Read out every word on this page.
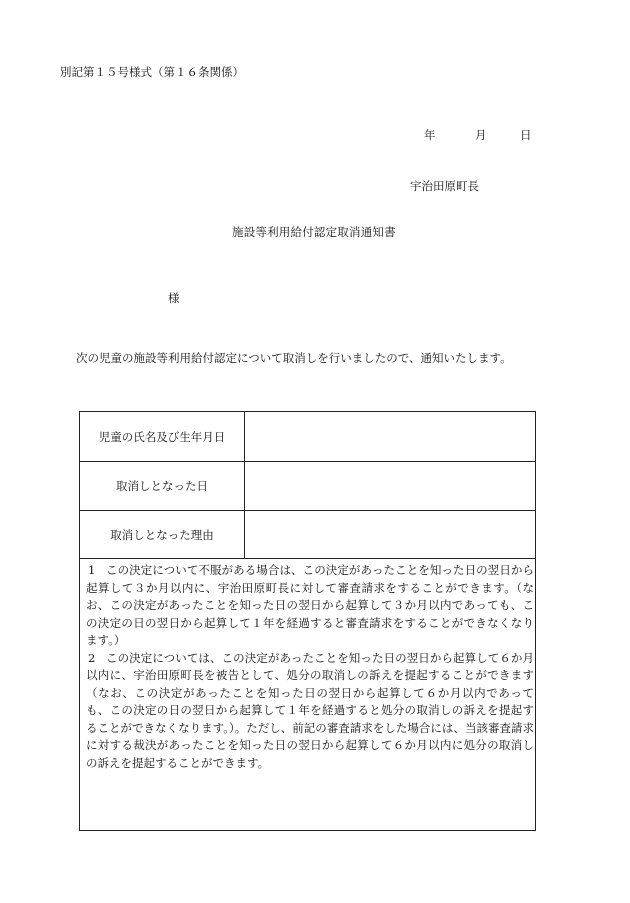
別記第１５号様式（第１６条関係）
年	月	日
宇治田原町長
施設等利用給付認定取消通知書
様
次の児童の施設等利用給付認定について取消しを行いましたので、通知いたします。
児童の氏名及び生年月日
取消しとなった日
取消しとなった理由
1 この決定について不服がある場合は、この決定があったことを知った日の翌日から起算して３か月以内に、宇治田原町長に対して審査請求をすることができます。（なお、この決定があったことを知った日の翌日から起算して３か月以内であっても、この決定の日の翌日から起算して１年を経過すると審査請求をすることができなくなります。）
2 この決定については、この決定があったことを知った日の翌日から起算して６か月以内に、宇治田原町長を被告として、処分の取消しの訴えを提起することができます（なお、この決定があったことを知った日の翌日から起算して６か月以内であっても、この決定の日の翌日から起算して１年を経過すると処分の取消しの訴えを提起することができなくなります。）。ただし、前記の審査請求をした場合には、当該審査請求に対する裁決があったことを知った日の翌日から起算して６か月以内に処分の取消しの訴えを提起することができます。
